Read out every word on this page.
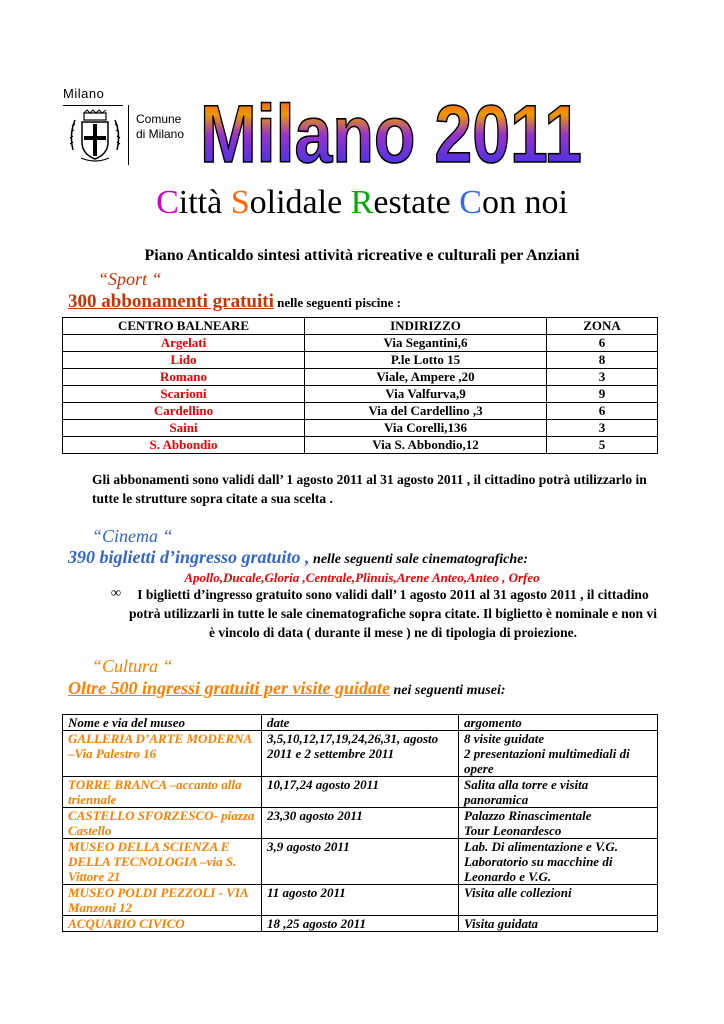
Milano
Comune
di Milano Milano 2011
Città Solidale Restate Con noi
Piano Anticaldo sintesi attività ricreative e culturali per Anziani
“Sport “
300 abbonamenti gratuiti nelle seguenti piscine :
CENTRO BALNEARE	INDIRIZZO	ZONA
Argelati	Via Segantini,6	6
Lido	P.le Lotto 15	8
Romano	Viale, Ampere ,20	3
Scarioni	Via Valfurva,9	9
Cardellino	Via del Cardellino ,3	6
Saini	Via Corelli,136	3
S. Abbondio	Via S. Abbondio,12	5
Gli abbonamenti sono validi dall’ 1 agosto 2011 al 31 agosto 2011 , il cittadino potrà utilizzarlo in tutte le strutture sopra citate a sua scelta .
“Cinema “
390 biglietti d’ingresso gratuito , nelle seguenti sale cinematografiche:
Apollo,Ducale,Gloria ,Centrale,Plinuis,Arene Anteo,Anteo , Orfeo
∞	I biglietti d’ingresso gratuito sono validi dall’ 1 agosto 2011 al 31 agosto 2011 , il cittadino potrà utilizzarli in tutte le sale cinematografiche sopra citate. Il biglietto è nominale e non vi è vincolo di data ( durante il mese ) ne di tipologia di proiezione.
“Cultura “
Oltre 500 ingressi gratuiti per visite guidate nei seguenti musei:
Nome e via del museo	date	argomento
GALLERIA D’ARTE MODERNA –Via Palestro 16	3,5,10,12,17,19,24,26,31, agosto 2011 e 2 settembre 2011	8 visite guidate
2 presentazioni multimediali di opere
TORRE BRANCA –accanto alla triennale	10,17,24 agosto 2011	Salita alla torre e visita panoramica
CASTELLO SFORZESCO- piazza Castello	23,30 agosto 2011	Palazzo Rinascimentale
Tour Leonardesco
MUSEO DELLA SCIENZA E DELLA TECNOLOGIA –via S. Vittore 21	3,9 agosto 2011	Lab. Di alimentazione e V.G.
Laboratorio su macchine di Leonardo e V.G.
MUSEO POLDI PEZZOLI - VIA Manzoni 12	11 agosto 2011	Visita alle collezioni
ACQUARIO CIVICO	18 ,25 agosto 2011	Visita guidata
